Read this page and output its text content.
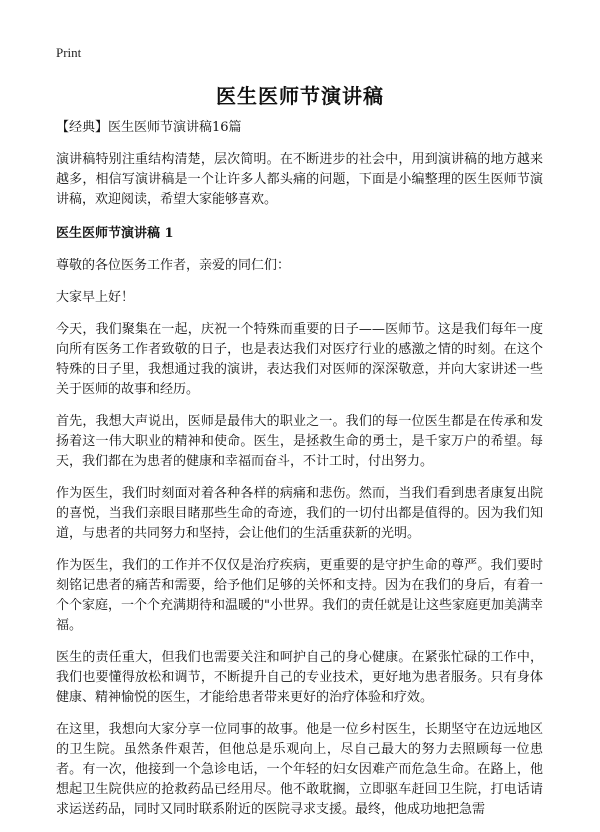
Print
医生医师节演讲稿
【经典】医生医师节演讲稿16篇

演讲稿特别注重结构清楚，层次简明。在不断进步的社会中，用到演讲稿的地方越来越多，相信写演讲稿是一个让许多人都头痛的问题，下面是小编整理的医生医师节演讲稿，欢迎阅读，希望大家能够喜欢。

医生医师节演讲稿 1

尊敬的各位医务工作者，亲爱的同仁们：

大家早上好！

今天，我们聚集在一起，庆祝一个特殊而重要的日子——医师节。这是我们每年一度向所有医务工作者致敬的日子，也是表达我们对医疗行业的感激之情的时刻。在这个特殊的日子里，我想通过我的演讲，表达我们对医师的深深敬意，并向大家讲述一些关于医师的故事和经历。

首先，我想大声说出，医师是最伟大的职业之一。我们的每一位医生都是在传承和发扬着这一伟大职业的精神和使命。医生，是拯救生命的勇士，是千家万户的希望。每天，我们都在为患者的健康和幸福而奋斗，不计工时，付出努力。

作为医生，我们时刻面对着各种各样的病痛和悲伤。然而，当我们看到患者康复出院的喜悦，当我们亲眼目睹那些生命的奇迹，我们的一切付出都是值得的。因为我们知道，与患者的共同努力和坚持，会让他们的生活重获新的光明。

作为医生，我们的工作并不仅仅是治疗疾病，更重要的是守护生命的尊严。我们要时刻铭记患者的痛苦和需要，给予他们足够的关怀和支持。因为在我们的身后，有着一个个家庭，一个个充满期待和温暖的"小世界。我们的责任就是让这些家庭更加美满幸福。

医生的责任重大，但我们也需要关注和呵护自己的身心健康。在紧张忙碌的工作中，我们也要懂得放松和调节，不断提升自己的专业技术，更好地为患者服务。只有身体健康、精神愉悦的医生，才能给患者带来更好的治疗体验和疗效。

在这里，我想向大家分享一位同事的故事。他是一位乡村医生，长期坚守在边远地区的卫生院。虽然条件艰苦，但他总是乐观向上，尽自己最大的努力去照顾每一位患者。有一次，他接到一个急诊电话，一个年轻的妇女因难产而危急生命。在路上，他想起卫生院供应的抢救药品已经用尽。他不敢耽搁，立即驱车赶回卫生院，打电话请求运送药品，同时又同时联系附近的医院寻求支援。最终，他成功地把急需
